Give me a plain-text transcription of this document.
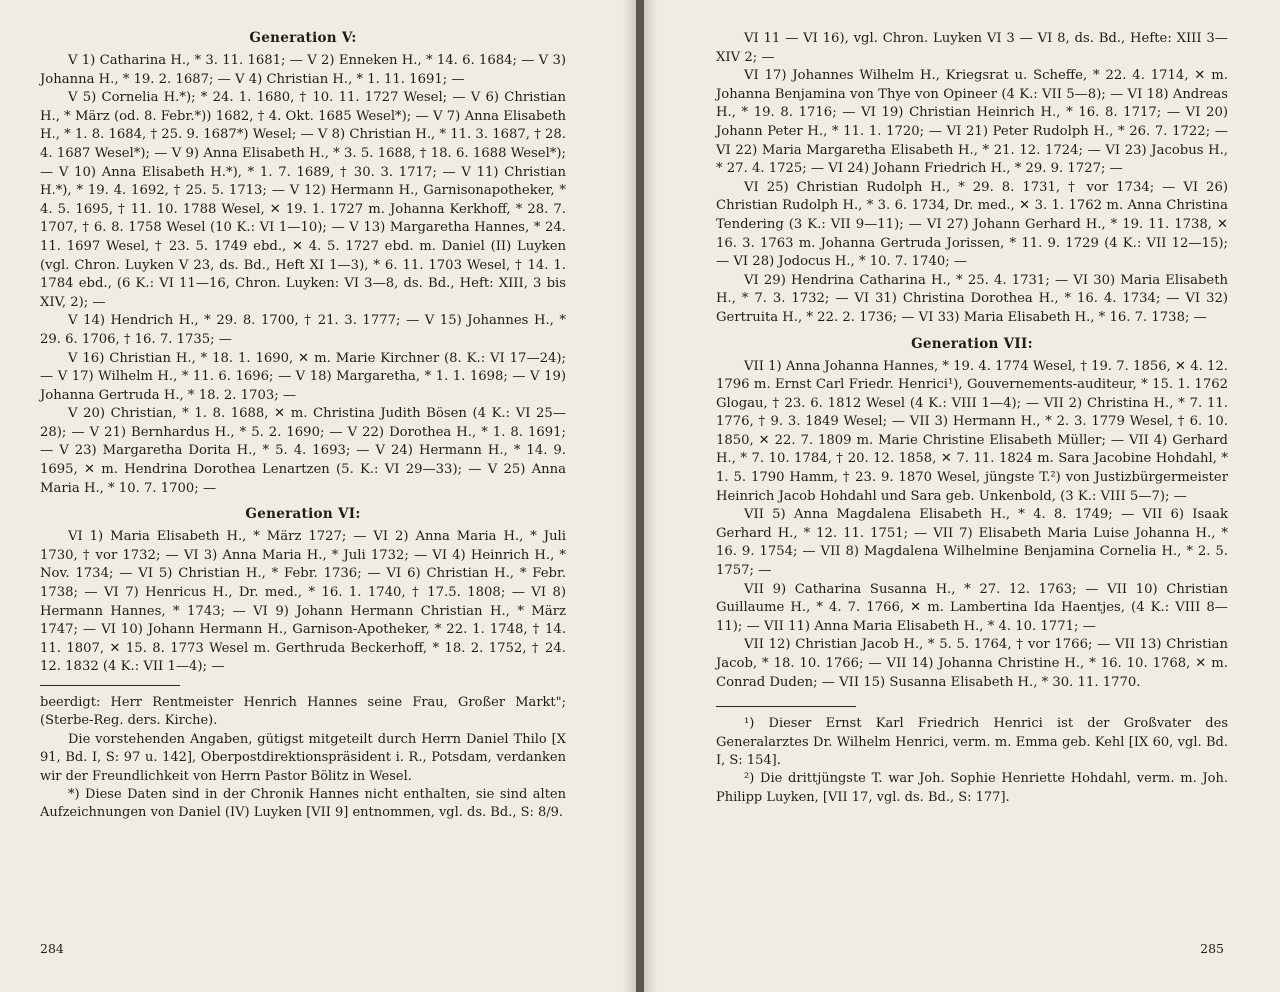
Generation V:

V 1) Catharina H., * 3. 11. 1681; — V 2) Enneken H., * 14. 6. 1684; — V 3) Johanna H., * 19. 2. 1687; — V 4) Christian H., * 1. 11. 1691; —

V 5) Cornelia H.*); * 24. 1. 1680, † 10. 11. 1727 Wesel; — V 6) Christian H., * März (od. 8. Febr.*)) 1682, † 4. Okt. 1685 Wesel*); — V 7) Anna Elisabeth H., * 1. 8. 1684, † 25. 9. 1687*) Wesel; — V 8) Christian H., * 11. 3. 1687, † 28. 4. 1687 Wesel*); — V 9) Anna Elisabeth H., * 3. 5. 1688, † 18. 6. 1688 Wesel*); — V 10) Anna Elisabeth H.*), * 1. 7. 1689, † 30. 3. 1717; — V 11) Christian H.*), * 19. 4. 1692, † 25. 5. 1713; — V 12) Hermann H., Garnisonapotheker, * 4. 5. 1695, † 11. 10. 1788 Wesel, ✕ 19. 1. 1727 m. Johanna Kerkhoff, * 28. 7. 1707, † 6. 8. 1758 Wesel (10 K.: VI 1—10); — V 13) Margaretha Hannes, * 24. 11. 1697 Wesel, † 23. 5. 1749 ebd., ✕ 4. 5. 1727 ebd. m. Daniel (II) Luyken (vgl. Chron. Luyken V 23, ds. Bd., Heft XI 1—3), * 6. 11. 1703 Wesel, † 14. 1. 1784 ebd., (6 K.: VI 11—16, Chron. Luyken: VI 3—8, ds. Bd., Heft: XIII, 3 bis XIV, 2); —

V 14) Hendrich H., * 29. 8. 1700, † 21. 3. 1777; — V 15) Johannes H., * 29. 6. 1706, † 16. 7. 1735; —

V 16) Christian H., * 18. 1. 1690, ✕ m. Marie Kirchner (8. K.: VI 17—24); — V 17) Wilhelm H., * 11. 6. 1696; — V 18) Margaretha, * 1. 1. 1698; — V 19) Johanna Gertruda H., * 18. 2. 1703; —

V 20) Christian, * 1. 8. 1688, ✕ m. Christina Judith Bösen (4 K.: VI 25—28); — V 21) Bernhardus H., * 5. 2. 1690; — V 22) Dorothea H., * 1. 8. 1691; — V 23) Margaretha Dorita H., * 5. 4. 1693; — V 24) Hermann H., * 14. 9. 1695, ✕ m. Hendrina Dorothea Lenartzen (5. K.: VI 29—33); — V 25) Anna Maria H., * 10. 7. 1700; —

Generation VI:

VI 1) Maria Elisabeth H., * März 1727; — VI 2) Anna Maria H., * Juli 1730, † vor 1732; — VI 3) Anna Maria H., * Juli 1732; — VI 4) Heinrich H., * Nov. 1734; — VI 5) Christian H., * Febr. 1736; — VI 6) Christian H., * Febr. 1738; — VI 7) Henricus H., Dr. med., * 16. 1. 1740, † 17.5. 1808; — VI 8) Hermann Hannes, * 1743; — VI 9) Johann Hermann Christian H., * März 1747; — VI 10) Johann Hermann H., Garnison-Apotheker, * 22. 1. 1748, † 14. 11. 1807, ✕ 15. 8. 1773 Wesel m. Gerthruda Beckerhoff, * 18. 2. 1752, † 24. 12. 1832 (4 K.: VII 1—4); —

beerdigt: Herr Rentmeister Henrich Hannes seine Frau, Großer Markt"; (Sterbe-Reg. ders. Kirche).

Die vorstehenden Angaben, gütigst mitgeteilt durch Herrn Daniel Thilo [X 91, Bd. I, S: 97 u. 142], Oberpostdirektionspräsident i. R., Potsdam, verdanken wir der Freundlichkeit von Herrn Pastor Bölitz in Wesel.

*) Diese Daten sind in der Chronik Hannes nicht enthalten, sie sind alten Aufzeichnungen von Daniel (IV) Luyken [VII 9] entnommen, vgl. ds. Bd., S: 8/9.

284

VI 11 — VI 16), vgl. Chron. Luyken VI 3 — VI 8, ds. Bd., Hefte: XIII 3—XIV 2; —

VI 17) Johannes Wilhelm H., Kriegsrat u. Scheffe, * 22. 4. 1714, ✕ m. Johanna Benjamina von Thye von Opineer (4 K.: VII 5—8); — VI 18) Andreas H., * 19. 8. 1716; — VI 19) Christian Heinrich H., * 16. 8. 1717; — VI 20) Johann Peter H., * 11. 1. 1720; — VI 21) Peter Rudolph H., * 26. 7. 1722; — VI 22) Maria Margaretha Elisabeth H., * 21. 12. 1724; — VI 23) Jacobus H., * 27. 4. 1725; — VI 24) Johann Friedrich H., * 29. 9. 1727; —

VI 25) Christian Rudolph H., * 29. 8. 1731, † vor 1734; — VI 26) Christian Rudolph H., * 3. 6. 1734, Dr. med., ✕ 3. 1. 1762 m. Anna Christina Tendering (3 K.: VII 9—11); — VI 27) Johann Gerhard H., * 19. 11. 1738, ✕ 16. 3. 1763 m. Johanna Gertruda Jorissen, * 11. 9. 1729 (4 K.: VII 12—15); — VI 28) Jodocus H., * 10. 7. 1740; —

VI 29) Hendrina Catharina H., * 25. 4. 1731; — VI 30) Maria Elisabeth H., * 7. 3. 1732; — VI 31) Christina Dorothea H., * 16. 4. 1734; — VI 32) Gertruita H., * 22. 2. 1736; — VI 33) Maria Elisabeth H., * 16. 7. 1738; —

Generation VII:

VII 1) Anna Johanna Hannes, * 19. 4. 1774 Wesel, † 19. 7. 1856, ✕ 4. 12. 1796 m. Ernst Carl Friedr. Henrici¹), Gouvernements-auditeur, * 15. 1. 1762 Glogau, † 23. 6. 1812 Wesel (4 K.: VIII 1—4); — VII 2) Christina H., * 7. 11. 1776, † 9. 3. 1849 Wesel; — VII 3) Hermann H., * 2. 3. 1779 Wesel, † 6. 10. 1850, ✕ 22. 7. 1809 m. Marie Christine Elisabeth Müller; — VII 4) Gerhard H., * 7. 10. 1784, † 20. 12. 1858, ✕ 7. 11. 1824 m. Sara Jacobine Hohdahl, * 1. 5. 1790 Hamm, † 23. 9. 1870 Wesel, jüngste T.²) von Justizbürgermeister Heinrich Jacob Hohdahl und Sara geb. Unkenbold, (3 K.: VIII 5—7); —

VII 5) Anna Magdalena Elisabeth H., * 4. 8. 1749; — VII 6) Isaak Gerhard H., * 12. 11. 1751; — VII 7) Elisabeth Maria Luise Johanna H., * 16. 9. 1754; — VII 8) Magdalena Wilhelmine Benjamina Cornelia H., * 2. 5. 1757; —

VII 9) Catharina Susanna H., * 27. 12. 1763; — VII 10) Christian Guillaume H., * 4. 7. 1766, ✕ m. Lambertina Ida Haentjes, (4 K.: VIII 8—11); — VII 11) Anna Maria Elisabeth H., * 4. 10. 1771; —

VII 12) Christian Jacob H., * 5. 5. 1764, † vor 1766; — VII 13) Christian Jacob, * 18. 10. 1766; — VII 14) Johanna Christine H., * 16. 10. 1768, ✕ m. Conrad Duden; — VII 15) Susanna Elisabeth H., * 30. 11. 1770.

¹) Dieser Ernst Karl Friedrich Henrici ist der Großvater des Generalarztes Dr. Wilhelm Henrici, verm. m. Emma geb. Kehl [IX 60, vgl. Bd. I, S: 154].

²) Die drittjüngste T. war Joh. Sophie Henriette Hohdahl, verm. m. Joh. Philipp Luyken, [VII 17, vgl. ds. Bd., S: 177].

285
